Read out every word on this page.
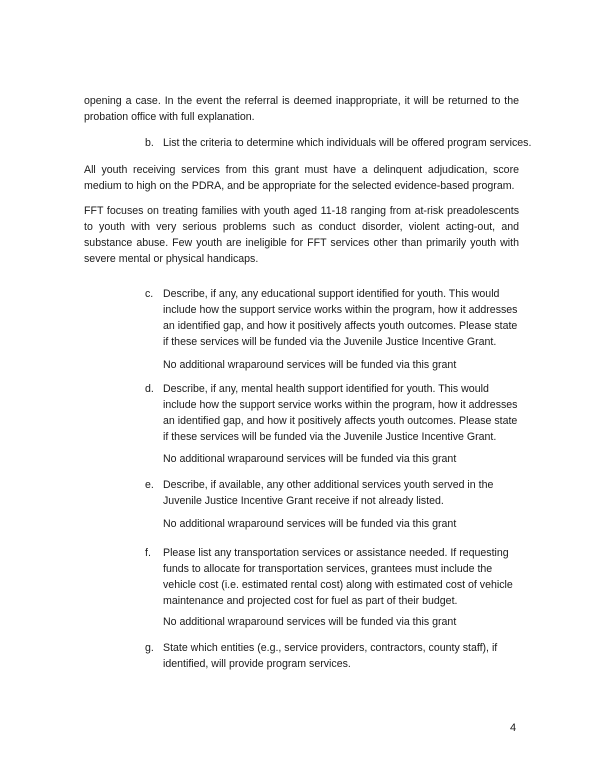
opening a case. In the event the referral is deemed inappropriate, it will be returned to the probation office with full explanation.
b. List the criteria to determine which individuals will be offered program services.
All youth receiving services from this grant must have a delinquent adjudication, score medium to high on the PDRA, and be appropriate for the selected evidence-based program.
FFT focuses on treating families with youth aged 11-18 ranging from at-risk preadolescents to youth with very serious problems such as conduct disorder, violent acting-out, and substance abuse. Few youth are ineligible for FFT services other than primarily youth with severe mental or physical handicaps.
c. Describe, if any, any educational support identified for youth. This would include how the support service works within the program, how it addresses an identified gap, and how it positively affects youth outcomes. Please state if these services will be funded via the Juvenile Justice Incentive Grant.
No additional wraparound services will be funded via this grant
d. Describe, if any, mental health support identified for youth. This would include how the support service works within the program, how it addresses an identified gap, and how it positively affects youth outcomes. Please state if these services will be funded via the Juvenile Justice Incentive Grant.
No additional wraparound services will be funded via this grant
e. Describe, if available, any other additional services youth served in the Juvenile Justice Incentive Grant receive if not already listed.
No additional wraparound services will be funded via this grant
f. Please list any transportation services or assistance needed. If requesting funds to allocate for transportation services, grantees must include the vehicle cost (i.e. estimated rental cost) along with estimated cost of vehicle maintenance and projected cost for fuel as part of their budget.
No additional wraparound services will be funded via this grant
g. State which entities (e.g., service providers, contractors, county staff), if identified, will provide program services.
4
